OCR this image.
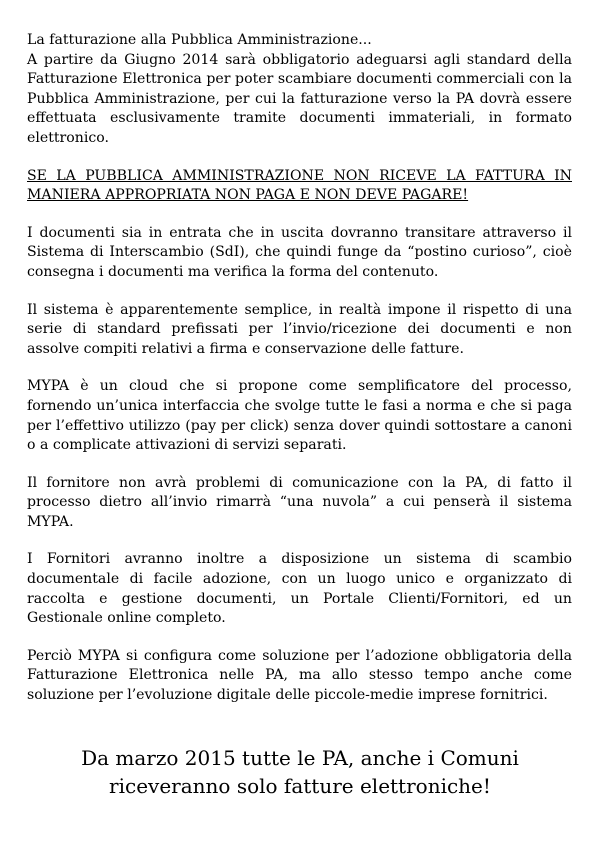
La fatturazione alla Pubblica Amministrazione...

A partire da Giugno 2014 sarà obbligatorio adeguarsi agli standard della Fatturazione Elettronica per poter scambiare documenti commerciali con la Pubblica Amministrazione, per cui la fatturazione verso la PA dovrà essere effettuata esclusivamente tramite documenti immateriali, in formato elettronico.

SE LA PUBBLICA AMMINISTRAZIONE NON RICEVE LA FATTURA IN MANIERA APPROPRIATA NON PAGA E NON DEVE PAGARE!

I documenti sia in entrata che in uscita dovranno transitare attraverso il Sistema di Interscambio (SdI), che quindi funge da “postino curioso”, cioè consegna i documenti ma verifica la forma del contenuto.

Il sistema è apparentemente semplice, in realtà impone il rispetto di una serie di standard prefissati per l’invio/ricezione dei documenti e non assolve compiti relativi a firma e conservazione delle fatture.

MYPA è un cloud che si propone come semplificatore del processo, fornendo un’unica interfaccia che svolge tutte le fasi a norma e che si paga per l’effettivo utilizzo (pay per click) senza dover quindi sottostare a canoni o a complicate attivazioni di servizi separati.

Il fornitore non avrà problemi di comunicazione con la PA, di fatto il processo dietro all’invio rimarrà “una nuvola” a cui penserà il sistema MYPA.

I Fornitori avranno inoltre a disposizione un sistema di scambio documentale di facile adozione, con un luogo unico e organizzato di raccolta e gestione documenti, un Portale Clienti/Fornitori, ed un Gestionale online completo.

Perciò MYPA si configura come soluzione per l’adozione obbligatoria della Fatturazione Elettronica nelle PA, ma allo stesso tempo anche come soluzione per l’evoluzione digitale delle piccole-medie imprese fornitrici.

Da marzo 2015 tutte le PA, anche i Comuni
riceveranno solo fatture elettroniche!
